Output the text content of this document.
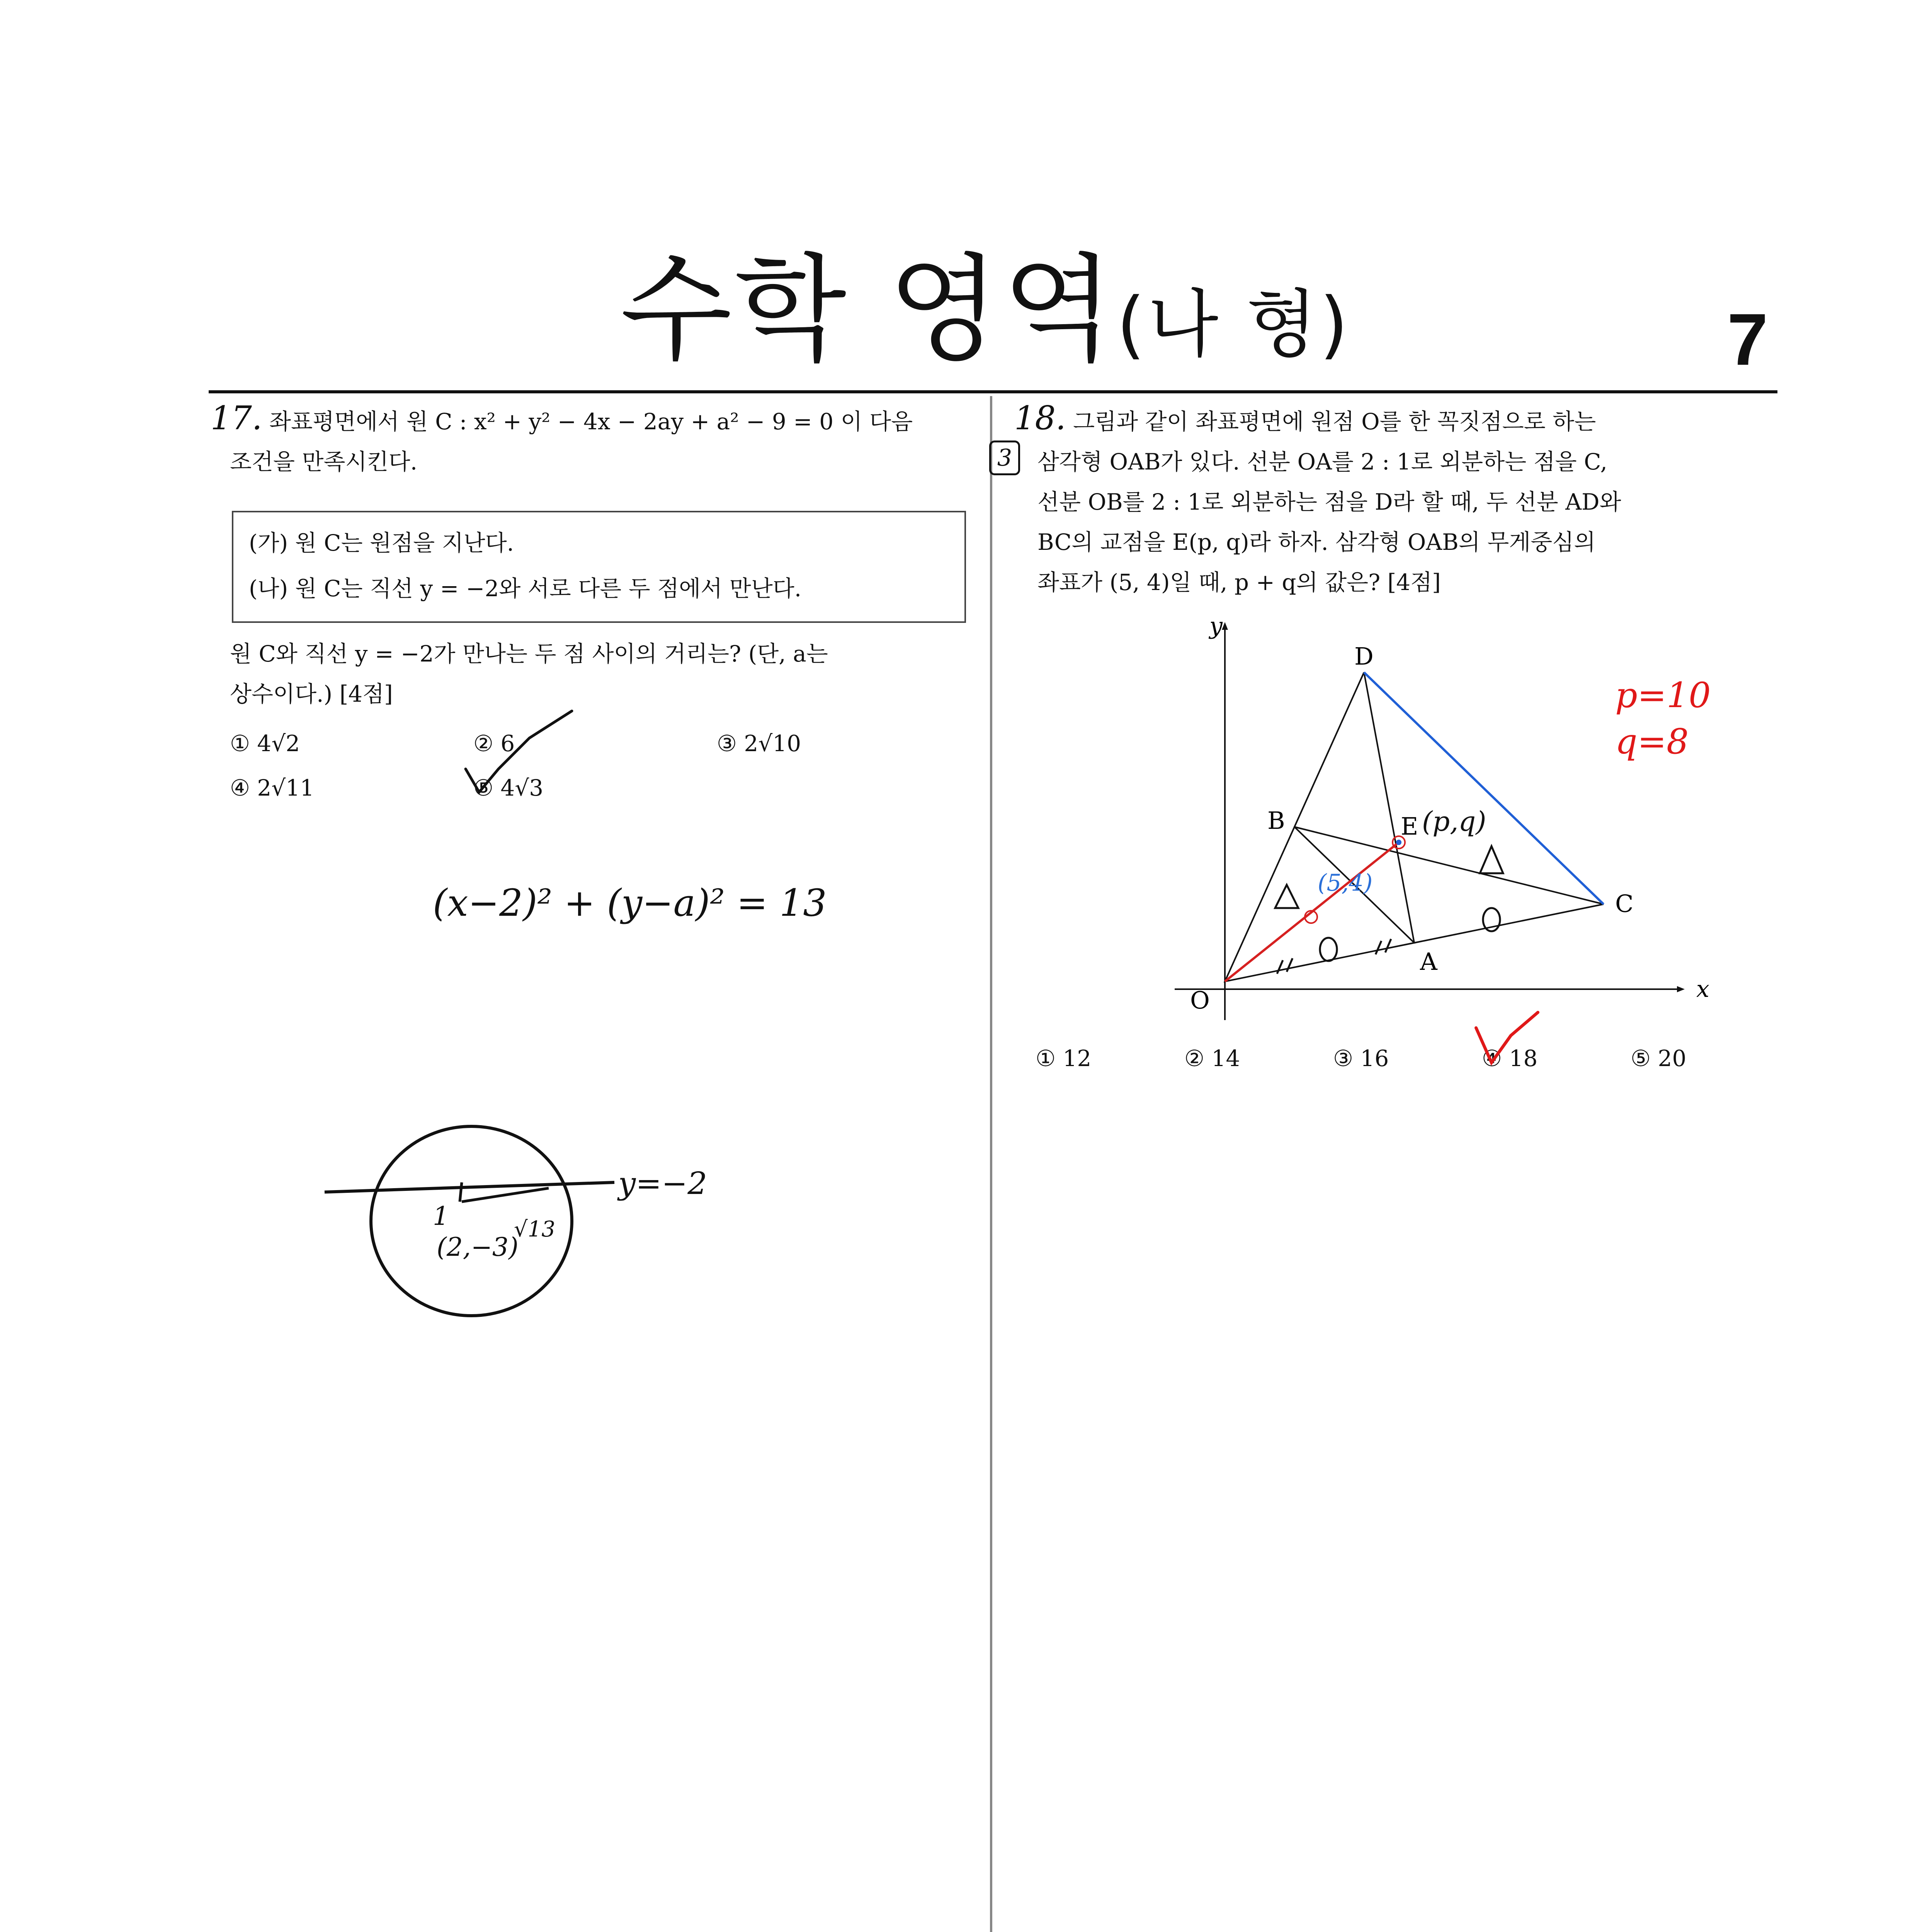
수학 영역(나 형)	7
17. 좌표평면에서 원 C : x² + y² − 4x − 2ay + a² − 9 = 0 이 다음
조건을 만족시킨다.
(가) 원 C는 원점을 지난다.
(나) 원 C는 직선 y = −2와 서로 다른 두 점에서 만난다.
원 C와 직선 y = −2가 만나는 두 점 사이의 거리는? (단, a는
상수이다.) [4점]
① 4√2	② 6	③ 2√10
④ 2√11	⑤ 4√3
(x−2)² + (y−a)² = 13
y=−2
1
(2,−3)
√13
18. 그림과 같이 좌표평면에 원점 O를 한 꼭짓점으로 하는
삼각형 OAB가 있다. 선분 OA를 2 : 1로 외분하는 점을 C,
선분 OB를 2 : 1로 외분하는 점을 D라 할 때, 두 선분 AD와
BC의 교점을 E(p, q)라 하자. 삼각형 OAB의 무게중심의
좌표가 (5, 4)일 때, p + q의 값은? [4점]
x
y
O
A
B
C
D
E (p,q)
(5,4)
p=10
q=8
3
① 12	② 14	③ 16	④ 18	⑤ 20
